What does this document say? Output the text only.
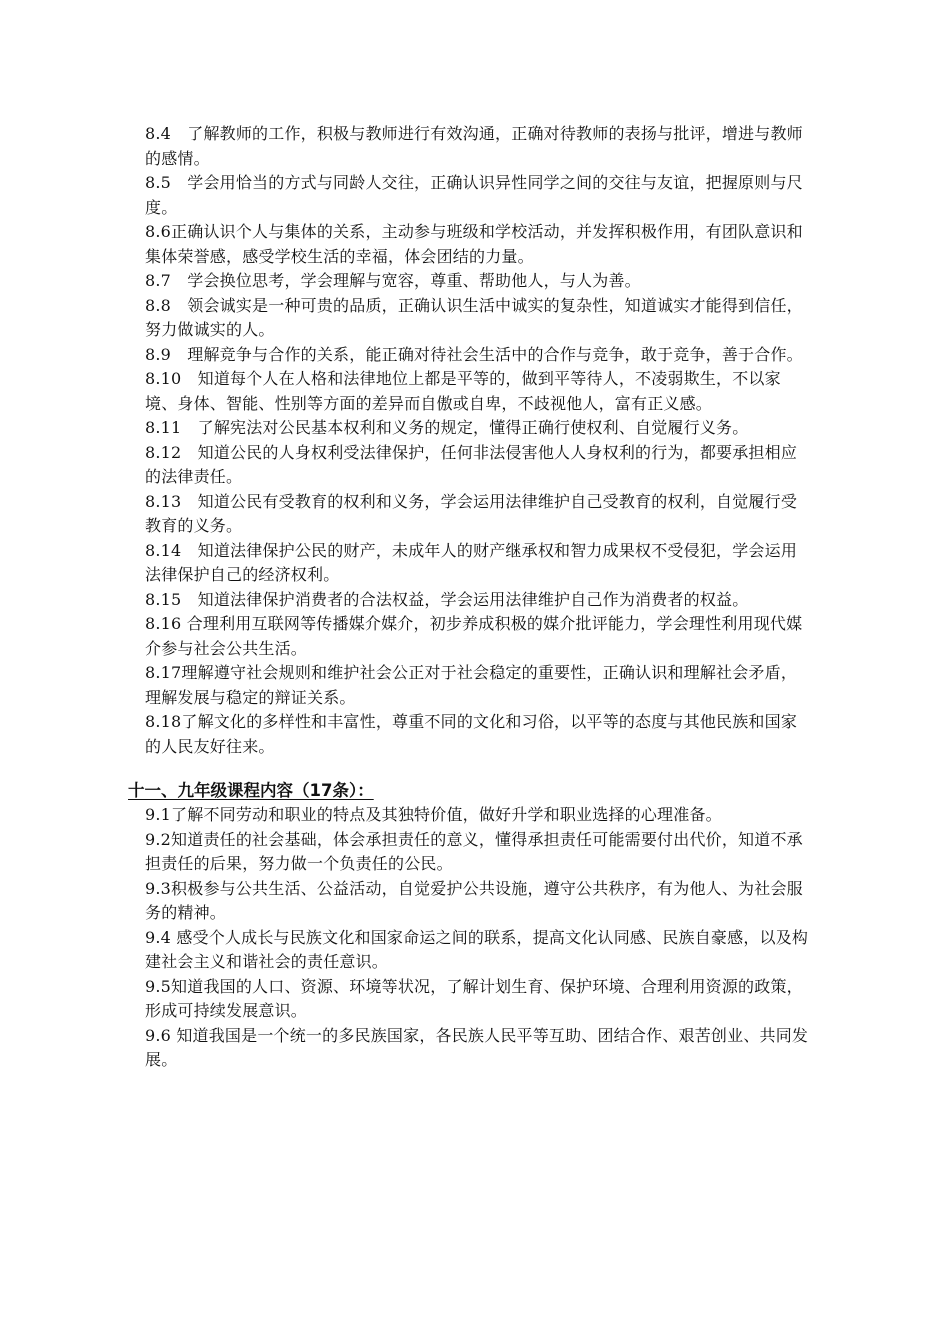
8.4　了解教师的工作，积极与教师进行有效沟通，正确对待教师的表扬与批评，增进与教师的感情。

8.5　学会用恰当的方式与同龄人交往，正确认识异性同学之间的交往与友谊，把握原则与尺度。

8.6正确认识个人与集体的关系，主动参与班级和学校活动，并发挥积极作用，有团队意识和集体荣誉感，感受学校生活的幸福，体会团结的力量。

8.7　学会换位思考，学会理解与宽容，尊重、帮助他人，与人为善。

8.8　领会诚实是一种可贵的品质，正确认识生活中诚实的复杂性，知道诚实才能得到信任，努力做诚实的人。

8.9　理解竞争与合作的关系，能正确对待社会生活中的合作与竞争，敢于竞争，善于合作。

8.10　知道每个人在人格和法律地位上都是平等的，做到平等待人，不凌弱欺生，不以家境、身体、智能、性别等方面的差异而自傲或自卑，不歧视他人，富有正义感。

8.11　了解宪法对公民基本权利和义务的规定，懂得正确行使权利、自觉履行义务。

8.12　知道公民的人身权利受法律保护，任何非法侵害他人人身权利的行为，都要承担相应的法律责任。

8.13　知道公民有受教育的权利和义务，学会运用法律维护自己受教育的权利，自觉履行受教育的义务。

8.14　知道法律保护公民的财产，未成年人的财产继承权和智力成果权不受侵犯，学会运用法律保护自己的经济权利。

8.15　知道法律保护消费者的合法权益，学会运用法律维护自己作为消费者的权益。

8.16 合理利用互联网等传播媒介媒介，初步养成积极的媒介批评能力，学会理性利用现代媒介参与社会公共生活。

8.17理解遵守社会规则和维护社会公正对于社会稳定的重要性，正确认识和理解社会矛盾，理解发展与稳定的辩证关系。

8.18了解文化的多样性和丰富性，尊重不同的文化和习俗，以平等的态度与其他民族和国家的人民友好往来。

十一、九年级课程内容（17条）：

9.1了解不同劳动和职业的特点及其独特价值，做好升学和职业选择的心理准备。

9.2知道责任的社会基础，体会承担责任的意义，懂得承担责任可能需要付出代价，知道不承担责任的后果，努力做一个负责任的公民。

9.3积极参与公共生活、公益活动，自觉爱护公共设施，遵守公共秩序，有为他人、为社会服务的精神。

9.4 感受个人成长与民族文化和国家命运之间的联系，提高文化认同感、民族自豪感，以及构建社会主义和谐社会的责任意识。

9.5知道我国的人口、资源、环境等状况，了解计划生育、保护环境、合理利用资源的政策，形成可持续发展意识。

9.6 知道我国是一个统一的多民族国家，各民族人民平等互助、团结合作、艰苦创业、共同发展。
